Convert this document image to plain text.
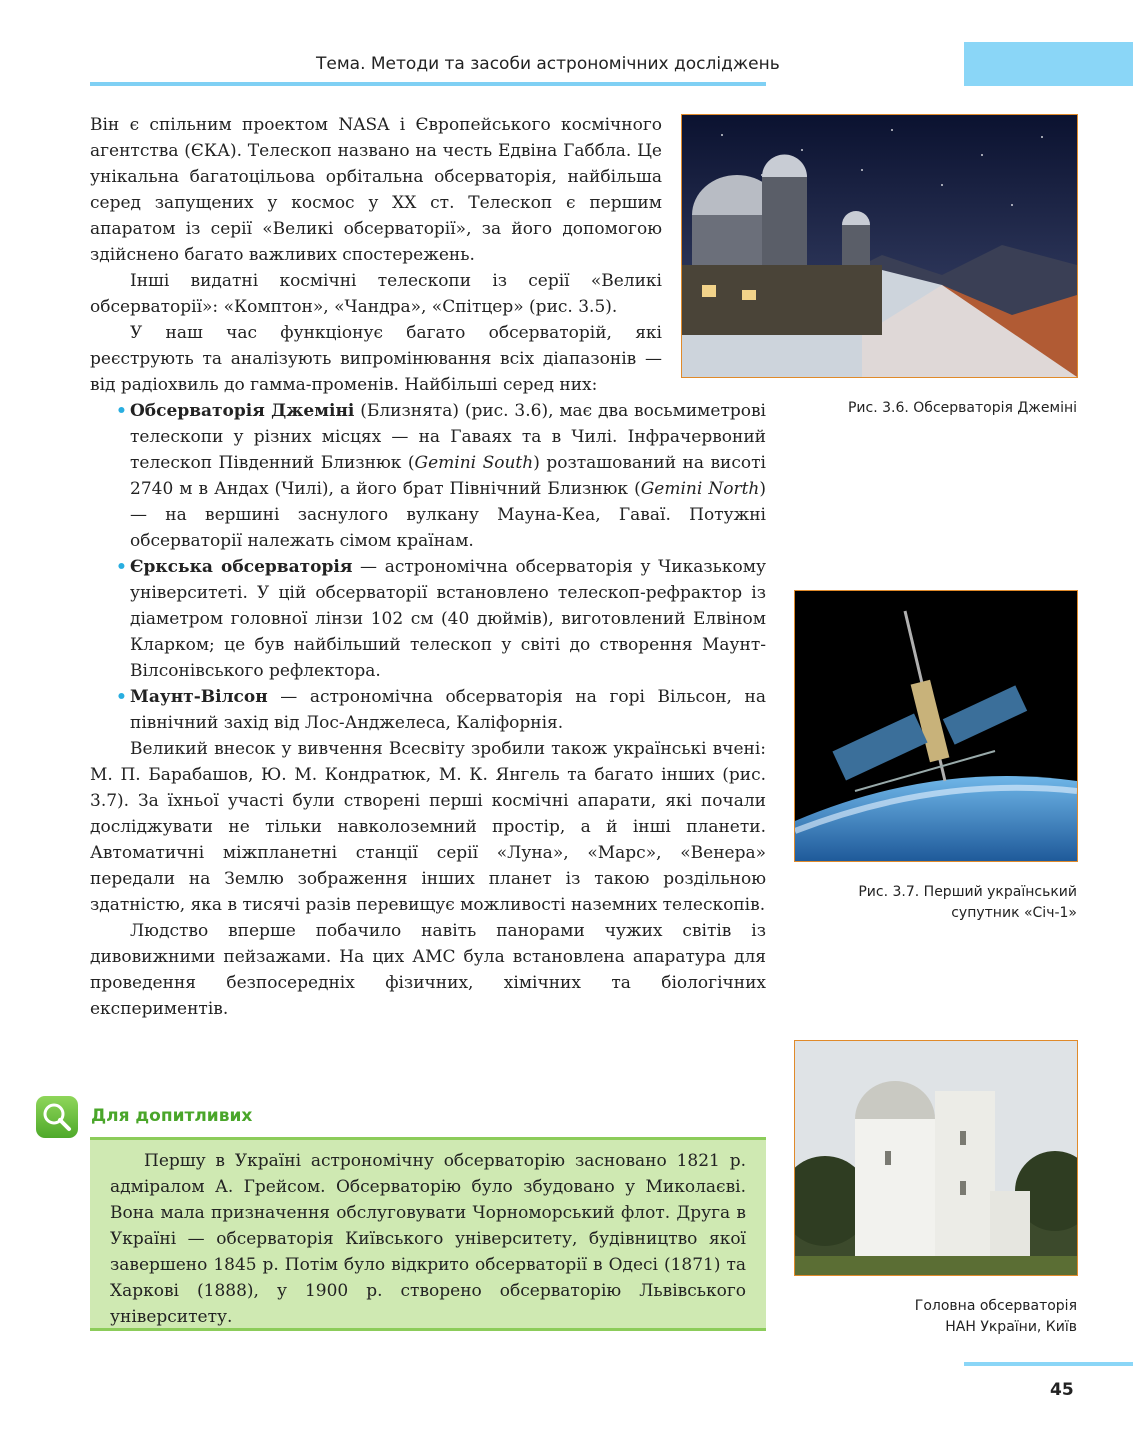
Тема. Методи та засоби астрономічних досліджень

Він є спільним проектом NASA і Європейського космічного агентства (ЄКА). Телескоп названо на честь Едвіна Габбла. Це унікальна багатоцільова орбітальна обсерваторія, найбільша серед запущених у космос у XX ст. Телескоп є першим апаратом із серії «Великі обсерваторії», за його допомогою здійснено багато важливих спостережень.

Інші видатні космічні телескопи із серії «Великі обсерваторії»: «Комптон», «Чандра», «Спітцер» (рис. 3.5).

У наш час функціонує багато обсерваторій, які реєструють та аналізують випромінювання всіх діапазонів — від радіохвиль до гамма-променів. Найбільші серед них:

• Обсерваторія Джеміні (Близнята) (рис. 3.6), має два восьмиметрові телескопи у різних місцях — на Гаваях та в Чилі. Інфрачервоний телескоп Південний Близнюк (Gemini South) розташований на висоті 2740 м в Андах (Чилі), а його брат Північний Близнюк (Gemini North) — на вершині заснулого вулкану Мауна-Кеа, Гаваї. Потужні обсерваторії належать сімом країнам.

• Єркська обсерваторія — астрономічна обсерваторія у Чиказькому університеті. У цій обсерваторії встановлено телескоп-рефрактор із діаметром головної лінзи 102 см (40 дюймів), виготовлений Елвіном Кларком; це був найбільший телескоп у світі до створення Маунт-Вілсонівського рефлектора.

• Маунт-Вілсон — астрономічна обсерваторія на горі Вільсон, на північний захід від Лос-Анджелеса, Каліфорнія.

Великий внесок у вивчення Всесвіту зробили також українські вчені: М. П. Барабашов, Ю. М. Кондратюк, М. К. Янгель та багато інших (рис. 3.7). За їхньої участі були створені перші космічні апарати, які почали досліджувати не тільки навколоземний простір, а й інші планети. Автоматичні міжпланетні станції серії «Луна», «Марс», «Венера» передали на Землю зображення інших планет із такою роздільною здатністю, яка в тисячі разів перевищує можливості наземних телескопів.

Людство вперше побачило навіть панорами чужих світів із дивовижними пейзажами. На цих АМС була встановлена апаратура для проведення безпосередніх фізичних, хімічних та біологічних експериментів.

Рис. 3.6. Обсерваторія Джеміні
Рис. 3.7. Перший український
супутник «Січ-1»
Головна обсерваторія
НАН України, Київ
Для допитливих
Першу в Україні астрономічну обсерваторію засновано 1821 р. адміралом А. Грейсом. Обсерваторію було збудовано у Миколаєві. Вона мала призначення обслуговувати Чорноморський флот. Друга в Україні — обсерваторія Київського університету, будівництво якої завершено 1845 р. Потім було відкрито обсерваторії в Одесі (1871) та Харкові (1888), у 1900 р. створено обсерваторію Львівського університету.
45
